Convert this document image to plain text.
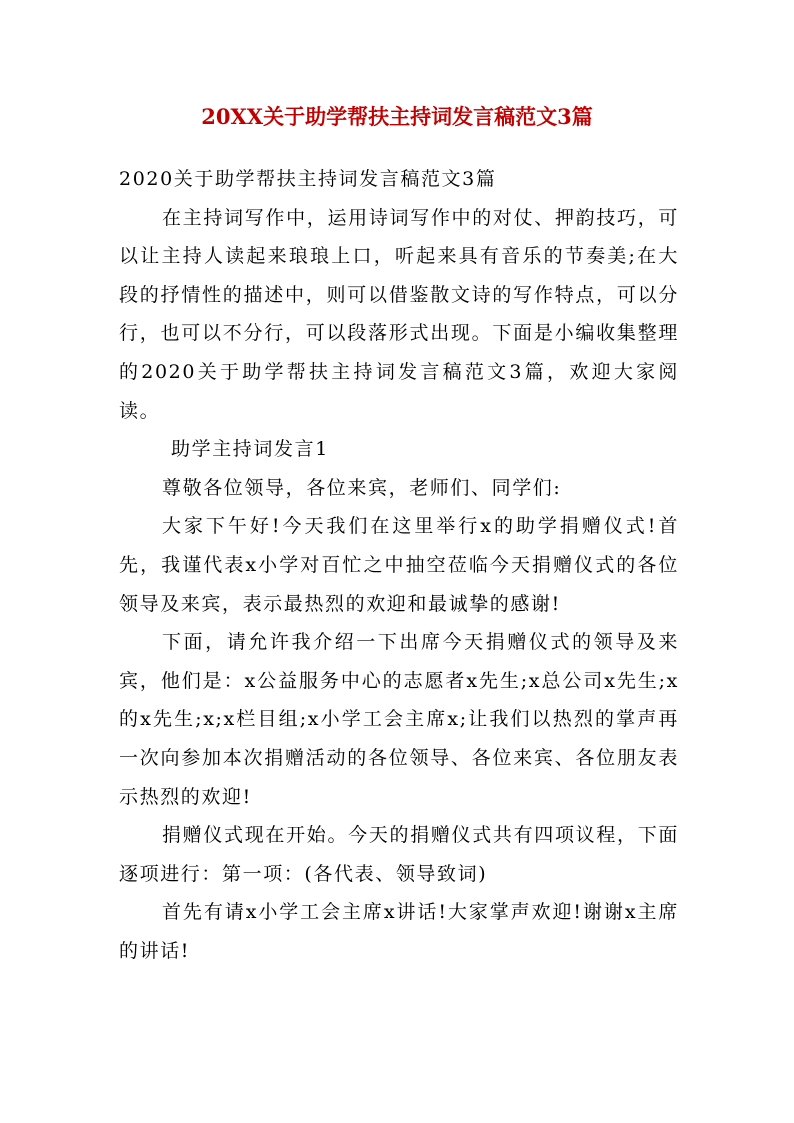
20XX关于助学帮扶主持词发言稿范文3篇

2020关于助学帮扶主持词发言稿范文3篇

在主持词写作中，运用诗词写作中的对仗、押韵技巧，可以让主持人读起来琅琅上口，听起来具有音乐的节奏美;在大段的抒情性的描述中，则可以借鉴散文诗的写作特点，可以分行，也可以不分行，可以段落形式出现。下面是小编收集整理的2020关于助学帮扶主持词发言稿范文3篇，欢迎大家阅读。

助学主持词发言1

尊敬各位领导，各位来宾，老师们、同学们:

大家下午好!今天我们在这里举行x的助学捐赠仪式!首先，我谨代表x小学对百忙之中抽空莅临今天捐赠仪式的各位领导及来宾，表示最热烈的欢迎和最诚挚的感谢!

下面，请允许我介绍一下出席今天捐赠仪式的领导及来宾，他们是：x公益服务中心的志愿者x先生;x总公司x先生;x的x先生;x;x栏目组;x小学工会主席x;让我们以热烈的掌声再一次向参加本次捐赠活动的各位领导、各位来宾、各位朋友表示热烈的欢迎!

捐赠仪式现在开始。今天的捐赠仪式共有四项议程，下面逐项进行：第一项：(各代表、领导致词)

首先有请x小学工会主席x讲话!大家掌声欢迎!谢谢x主席的讲话!
